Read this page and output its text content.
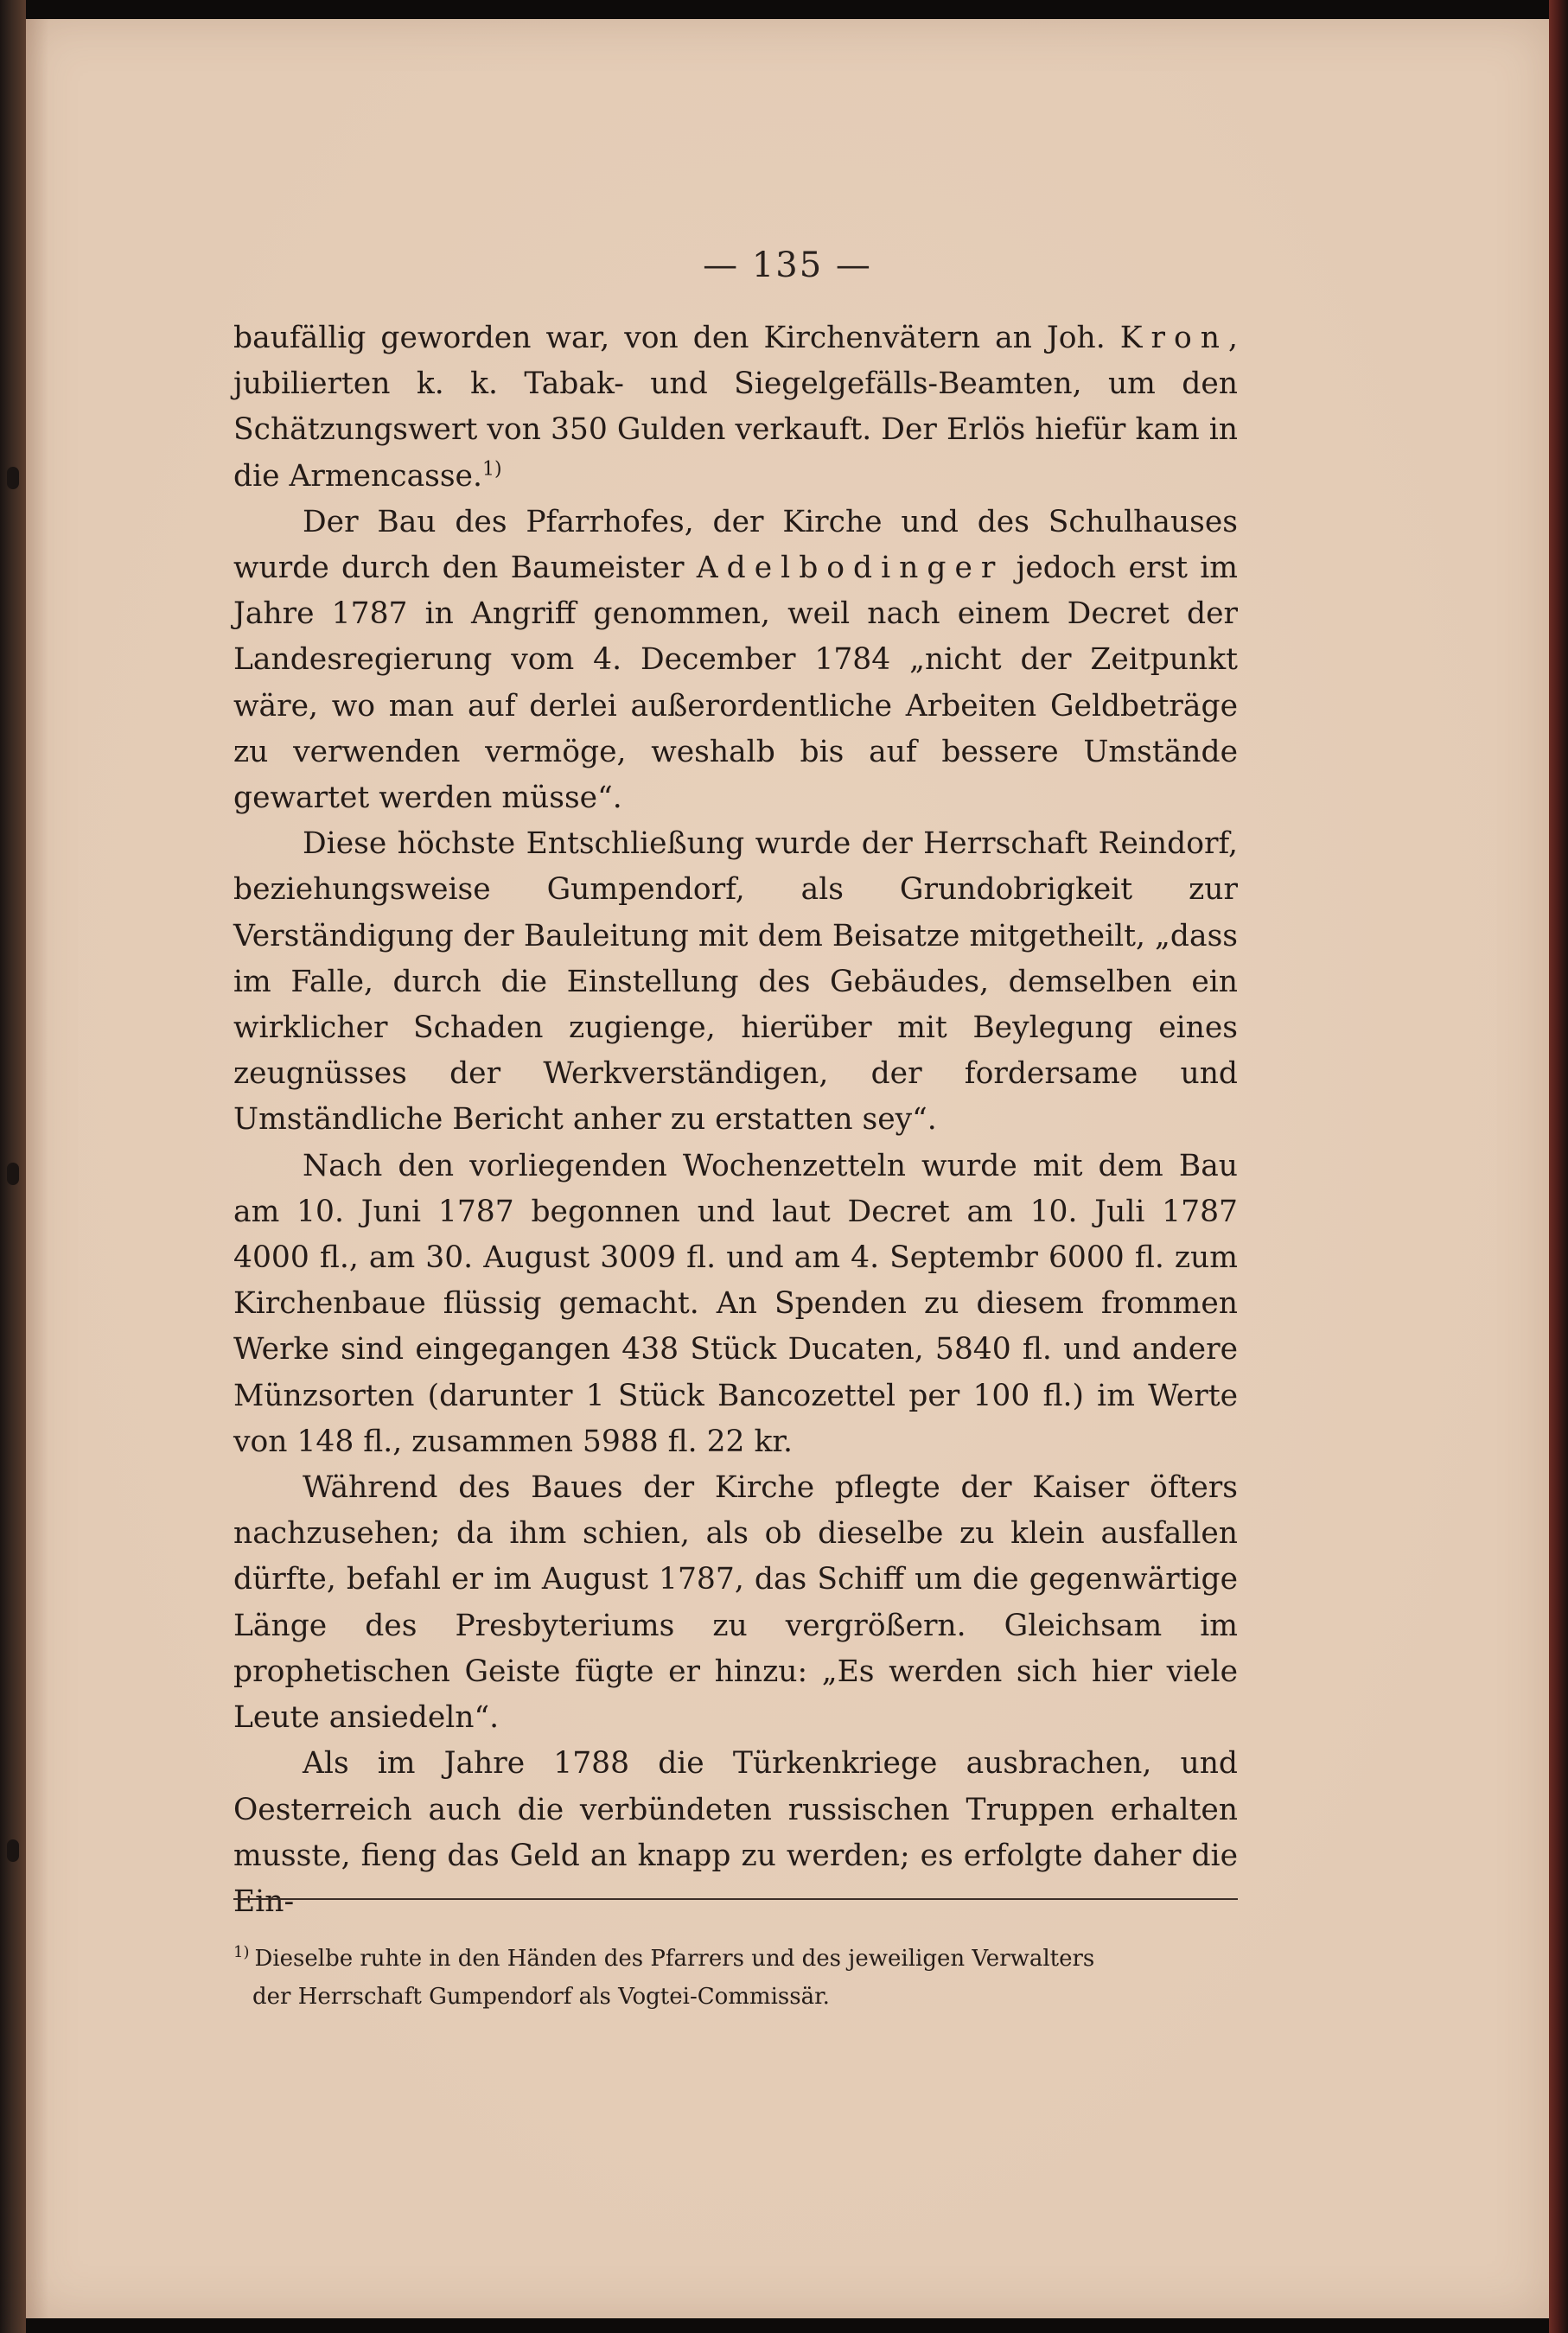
— 135 —

baufällig geworden war, von den Kirchenvätern an Joh. Kron, jubilierten k. k. Tabak- und Siegelgefälls-Beamten, um den Schätzungswert von 350 Gulden verkauft. Der Erlös hiefür kam in die Armencasse.$^{1)}$

Der Bau des Pfarrhofes, der Kirche und des Schulhauses wurde durch den Baumeister Adelbodinger jedoch erst im Jahre 1787 in Angriff genommen, weil nach einem Decret der Landesregierung vom 4. December 1784 „nicht der Zeitpunkt wäre, wo man auf derlei außerordentliche Arbeiten Geldbeträge zu verwenden vermöge, weshalb bis auf bessere Umstände gewartet werden müsse“.

Diese höchste Entschließung wurde der Herrschaft Reindorf, beziehungsweise Gumpendorf, als Grundobrigkeit zur Verständigung der Bauleitung mit dem Beisatze mitgetheilt, „dass im Falle, durch die Einstellung des Gebäudes, demselben ein wirklicher Schaden zugienge, hierüber mit Beylegung eines zeugnüsses der Werkverständigen, der fordersame und Umständliche Bericht anher zu erstatten sey“.

Nach den vorliegenden Wochenzetteln wurde mit dem Bau am 10. Juni 1787 begonnen und laut Decret am 10. Juli 1787 4000 fl., am 30. August 3009 fl. und am 4. Septembr 6000 fl. zum Kirchenbaue flüssig gemacht. An Spenden zu diesem frommen Werke sind eingegangen 438 Stück Ducaten, 5840 fl. und andere Münzsorten (darunter 1 Stück Bancozettel per 100 fl.) im Werte von 148 fl., zusammen 5988 fl. 22 kr.

Während des Baues der Kirche pflegte der Kaiser öfters nachzusehen; da ihm schien, als ob dieselbe zu klein ausfallen dürfte, befahl er im August 1787, das Schiff um die gegenwärtige Länge des Presbyteriums zu vergrößern. Gleichsam im prophetischen Geiste fügte er hinzu: „Es werden sich hier viele Leute ansiedeln“.

Als im Jahre 1788 die Türkenkriege ausbrachen, und Oesterreich auch die verbündeten russischen Truppen erhalten musste, fieng das Geld an knapp zu werden; es erfolgte daher die Ein-

$^{1)}$ Dieselbe ruhte in den Händen des Pfarrers und des jeweiligen Verwalters
der Herrschaft Gumpendorf als Vogtei-Commissär.
